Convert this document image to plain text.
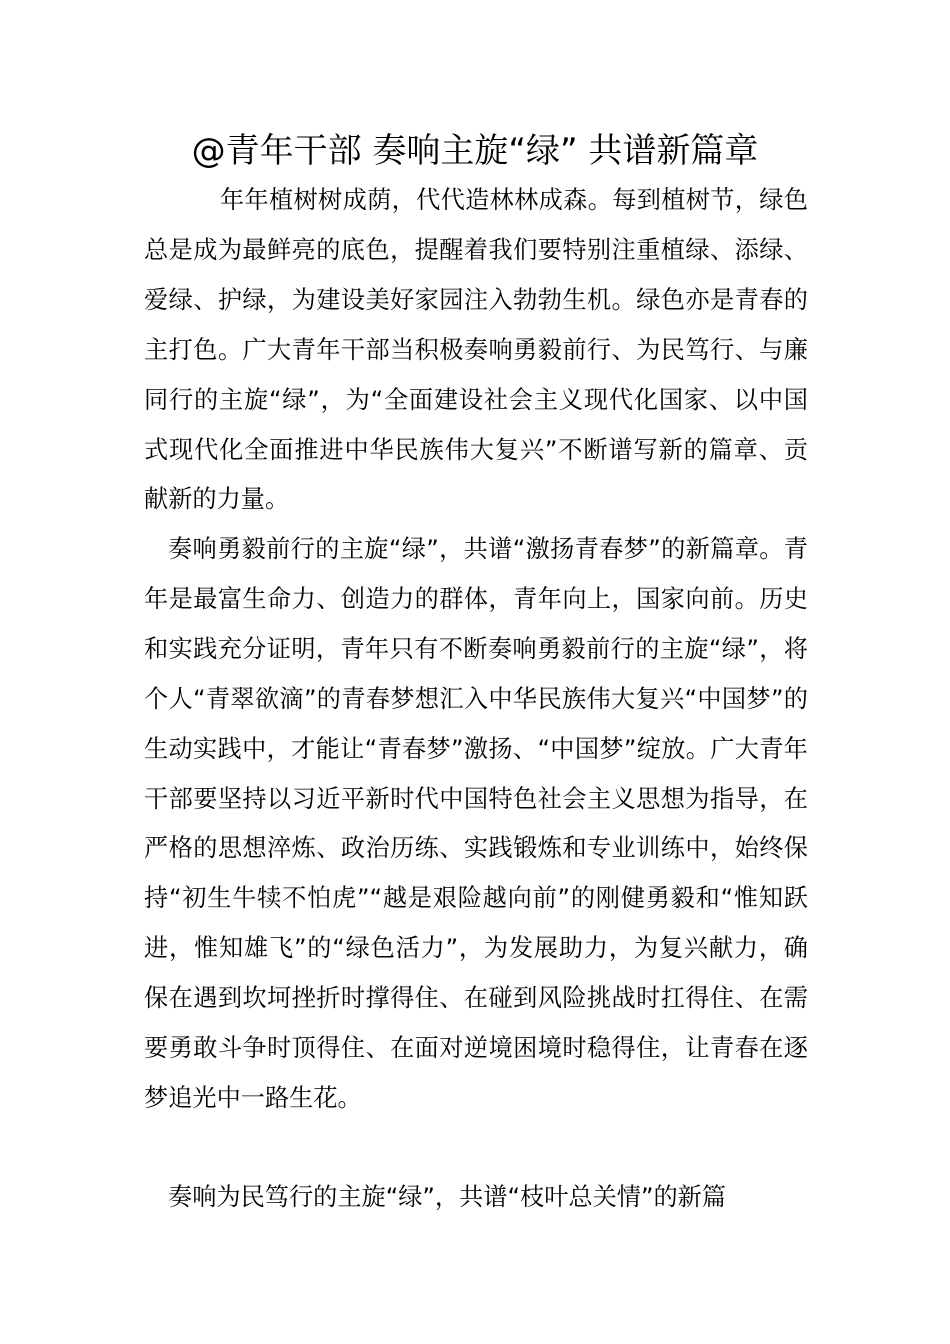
@青年干部 奏响主旋“绿” 共谱新篇章

年年植树树成荫，代代造林林成森。每到植树节，绿色总是成为最鲜亮的底色，提醒着我们要特别注重植绿、添绿、爱绿、护绿，为建设美好家园注入勃勃生机。绿色亦是青春的主打色。广大青年干部当积极奏响勇毅前行、为民笃行、与廉同行的主旋“绿”，为“全面建设社会主义现代化国家、以中国式现代化全面推进中华民族伟大复兴”不断谱写新的篇章、贡献新的力量。

奏响勇毅前行的主旋“绿”，共谱“激扬青春梦”的新篇章。青年是最富生命力、创造力的群体，青年向上，国家向前。历史和实践充分证明，青年只有不断奏响勇毅前行的主旋“绿”，将个人“青翠欲滴”的青春梦想汇入中华民族伟大复兴“中国梦”的生动实践中，才能让“青春梦”激扬、“中国梦”绽放。广大青年干部要坚持以习近平新时代中国特色社会主义思想为指导，在严格的思想淬炼、政治历练、实践锻炼和专业训练中，始终保持“初生牛犊不怕虎”“越是艰险越向前”的刚健勇毅和“惟知跃进，惟知雄飞”的“绿色活力”，为发展助力，为复兴献力，确保在遇到坎坷挫折时撑得住、在碰到风险挑战时扛得住、在需要勇敢斗争时顶得住、在面对逆境困境时稳得住，让青春在逐梦追光中一路生花。

奏响为民笃行的主旋“绿”，共谱“枝叶总关情”的新篇
